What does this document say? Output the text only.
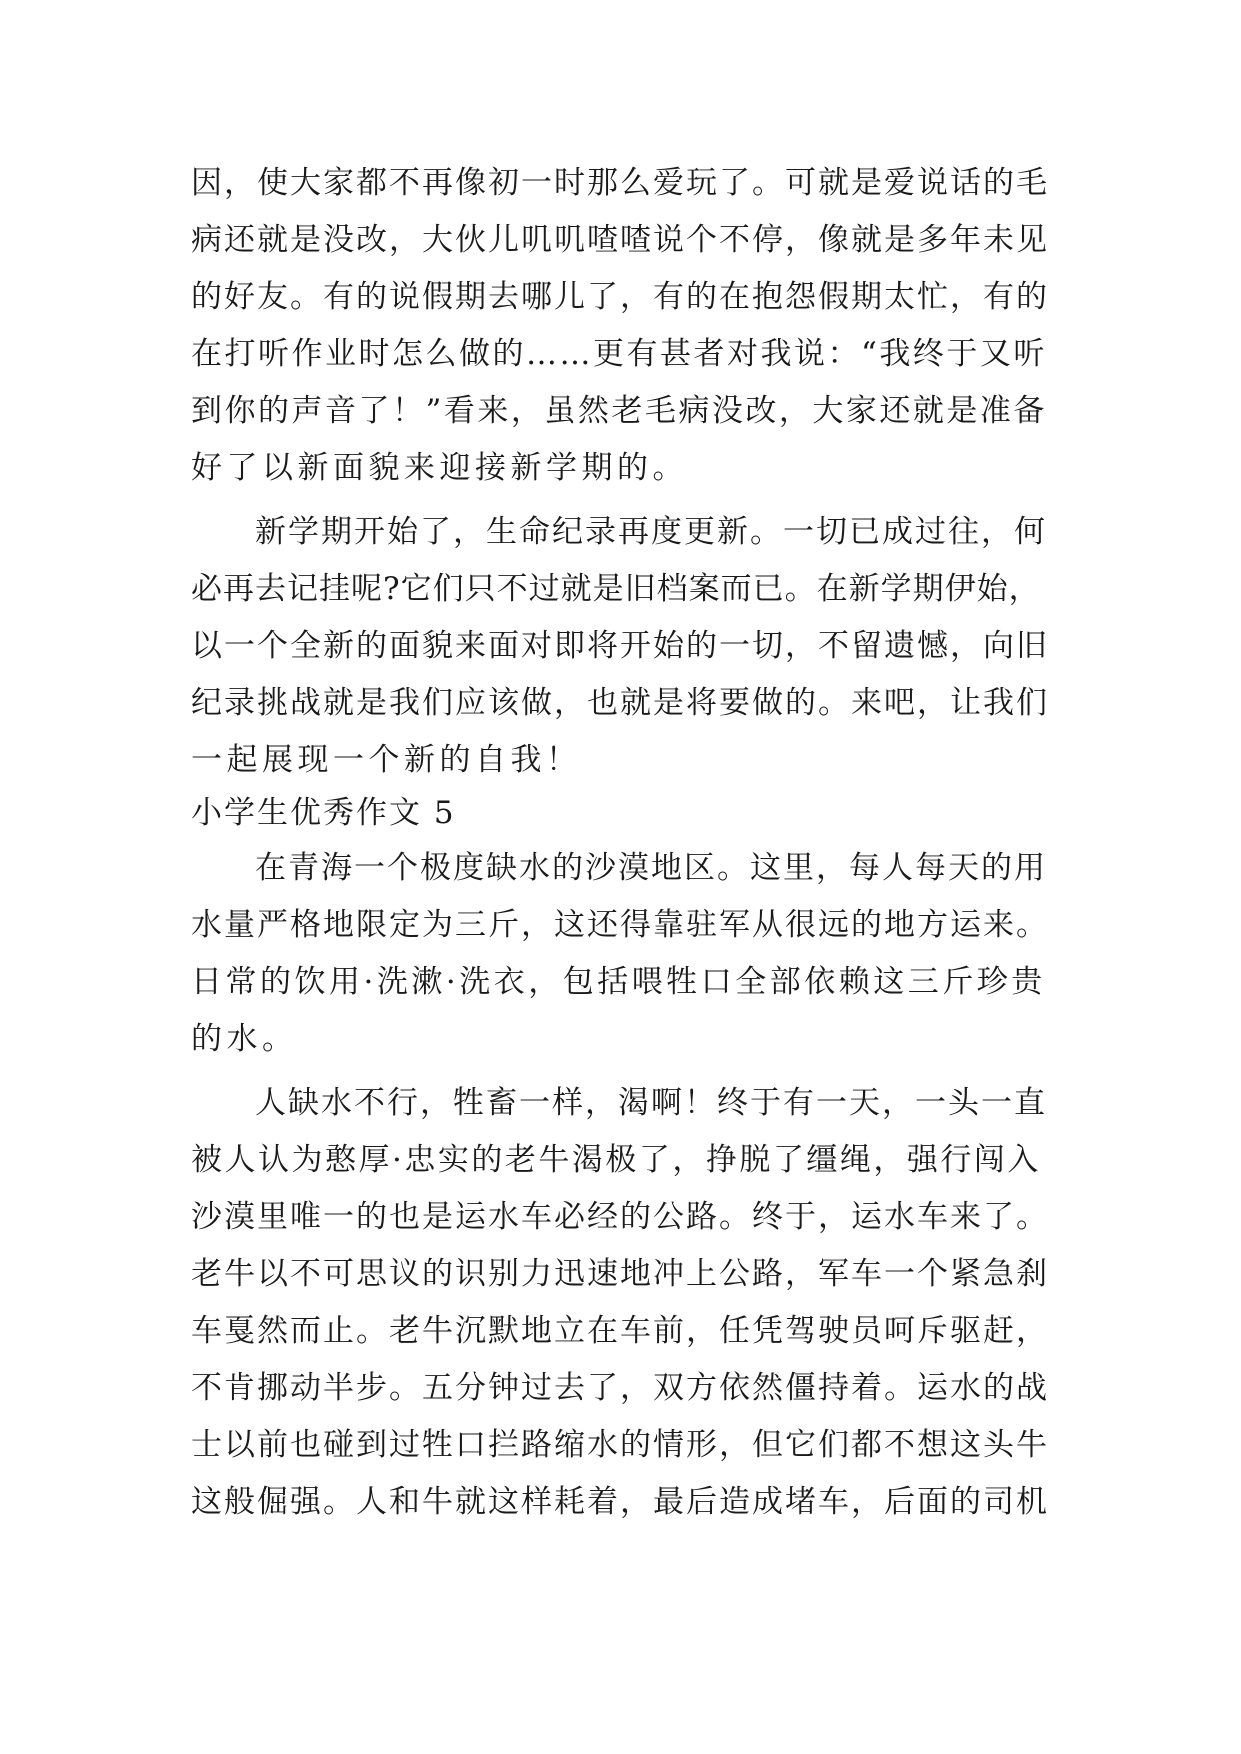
因，使大家都不再像初一时那么爱玩了。可就是爱说话的毛
病还就是没改，大伙儿叽叽喳喳说个不停，像就是多年未见
的好友。有的说假期去哪儿了，有的在抱怨假期太忙，有的
在打听作业时怎么做的……更有甚者对我说：“我终于又听
到你的声音了！”看来，虽然老毛病没改，大家还就是准备
好了以新面貌来迎接新学期的。
新学期开始了，生命纪录再度更新。一切已成过往，何
必再去记挂呢?它们只不过就是旧档案而已。在新学期伊始，
以一个全新的面貌来面对即将开始的一切，不留遗憾，向旧
纪录挑战就是我们应该做，也就是将要做的。来吧，让我们
一起展现一个新的自我！
小学生优秀作文 5
在青海一个极度缺水的沙漠地区。这里，每人每天的用
水量严格地限定为三斤，这还得靠驻军从很远的地方运来。
日常的饮用·洗漱·洗衣，包括喂牲口全部依赖这三斤珍贵
的水。
人缺水不行，牲畜一样，渴啊！终于有一天，一头一直
被人认为憨厚·忠实的老牛渴极了，挣脱了缰绳，强行闯入
沙漠里唯一的也是运水车必经的公路。终于，运水车来了。
老牛以不可思议的识别力迅速地冲上公路，军车一个紧急刹
车戛然而止。老牛沉默地立在车前，任凭驾驶员呵斥驱赶，
不肯挪动半步。五分钟过去了，双方依然僵持着。运水的战
士以前也碰到过牲口拦路缩水的情形，但它们都不想这头牛
这般倔强。人和牛就这样耗着，最后造成堵车，后面的司机
